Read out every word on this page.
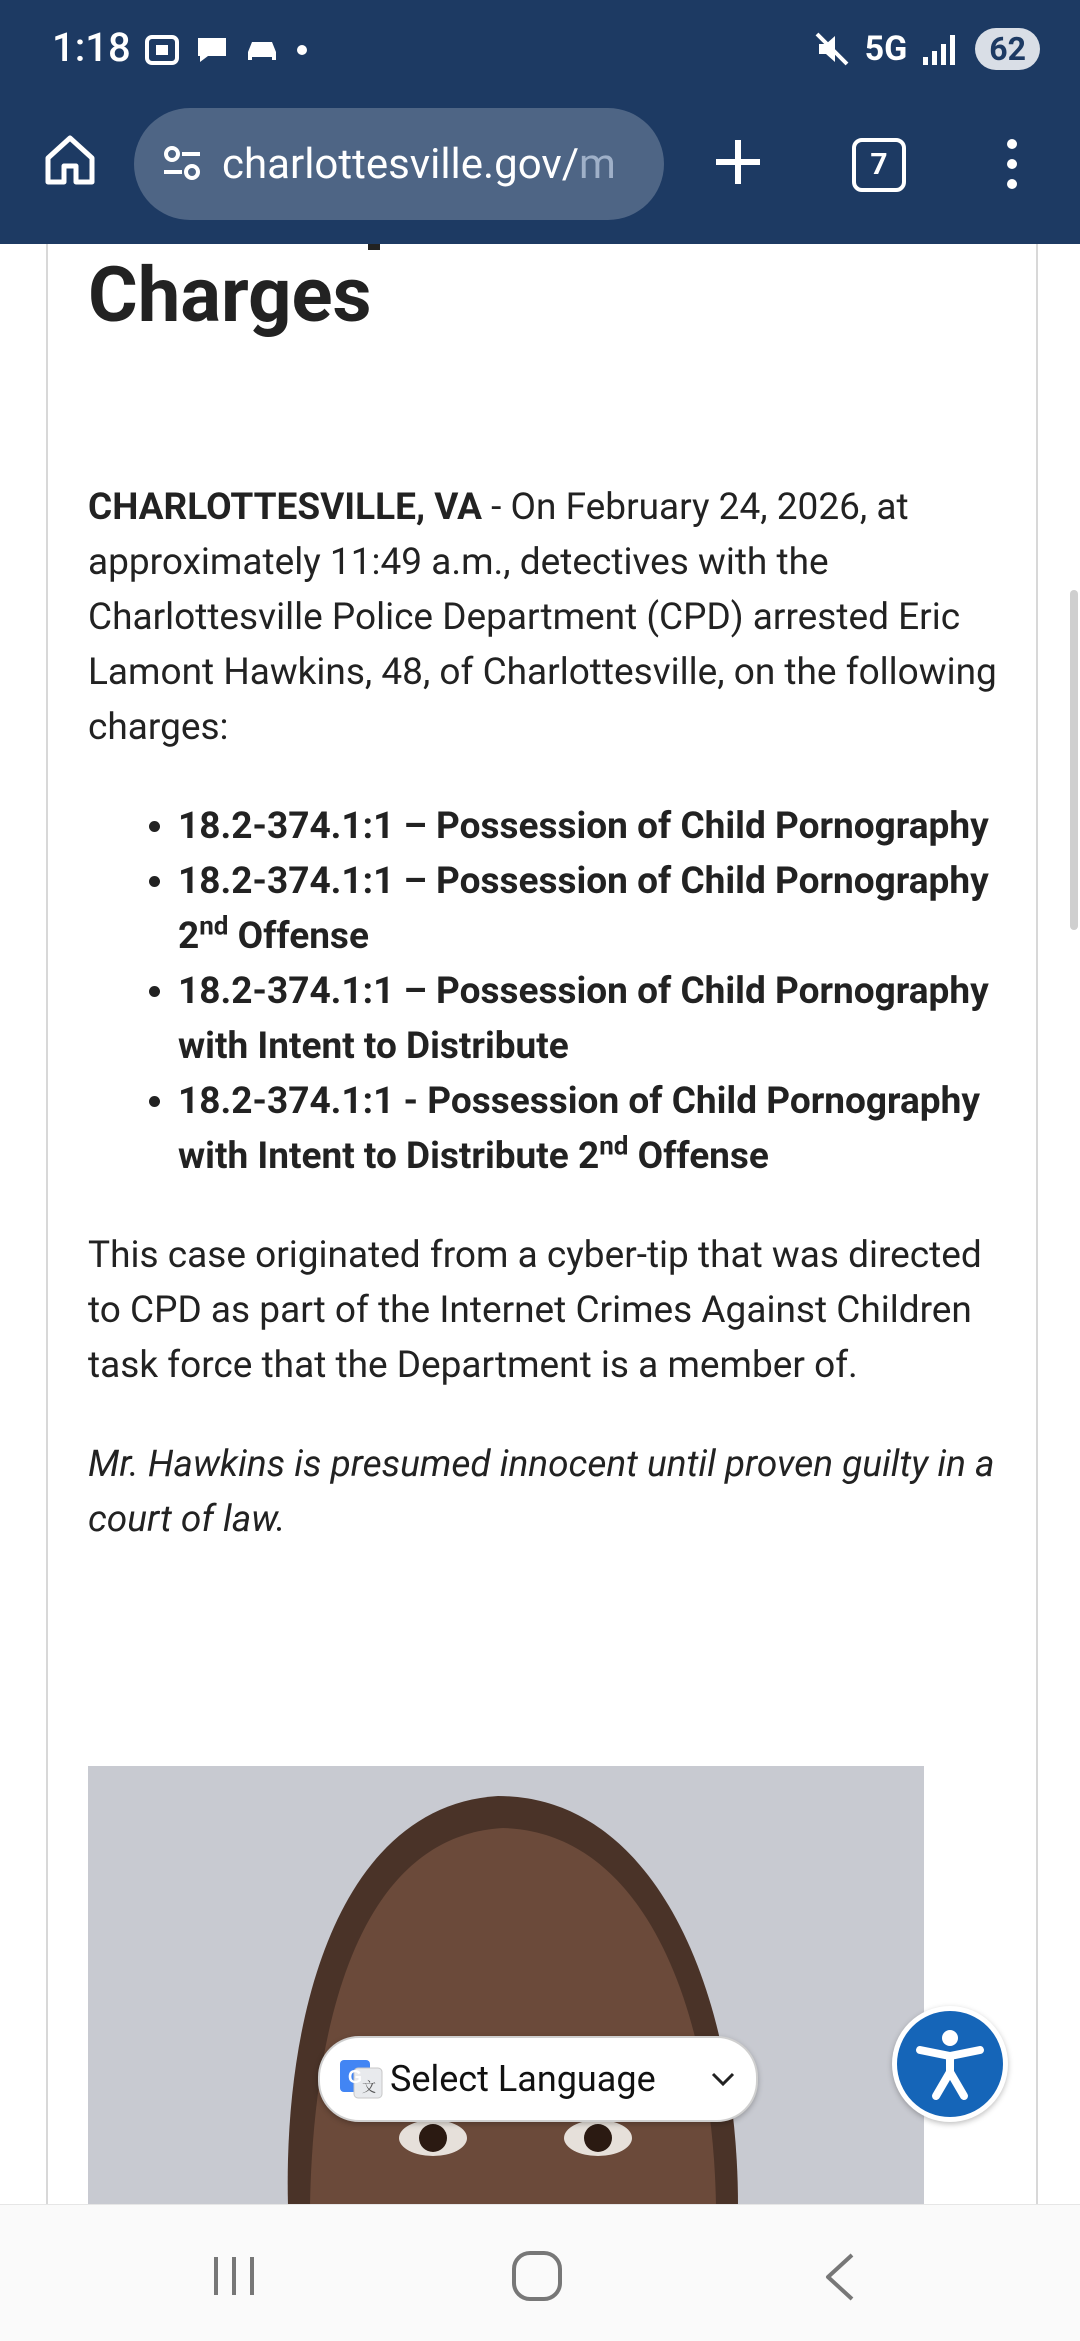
1:18	5G	62
charlottesville.gov/m	7
Charges

CHARLOTTESVILLE, VA - On February 24, 2026, at approximately 11:49 a.m., detectives with the Charlottesville Police Department (CPD) arrested Eric Lamont Hawkins, 48, of Charlottesville, on the following charges:

• 18.2-374.1:1 – Possession of Child Pornography
• 18.2-374.1:1 – Possession of Child Pornography 2nd Offense
• 18.2-374.1:1 – Possession of Child Pornography with Intent to Distribute
• 18.2-374.1:1 - Possession of Child Pornography with Intent to Distribute 2nd Offense

This case originated from a cyber-tip that was directed to CPD as part of the Internet Crimes Against Children task force that the Department is a member of.

Mr. Hawkins is presumed innocent until proven guilty in a court of law.

G
文 Select Language
